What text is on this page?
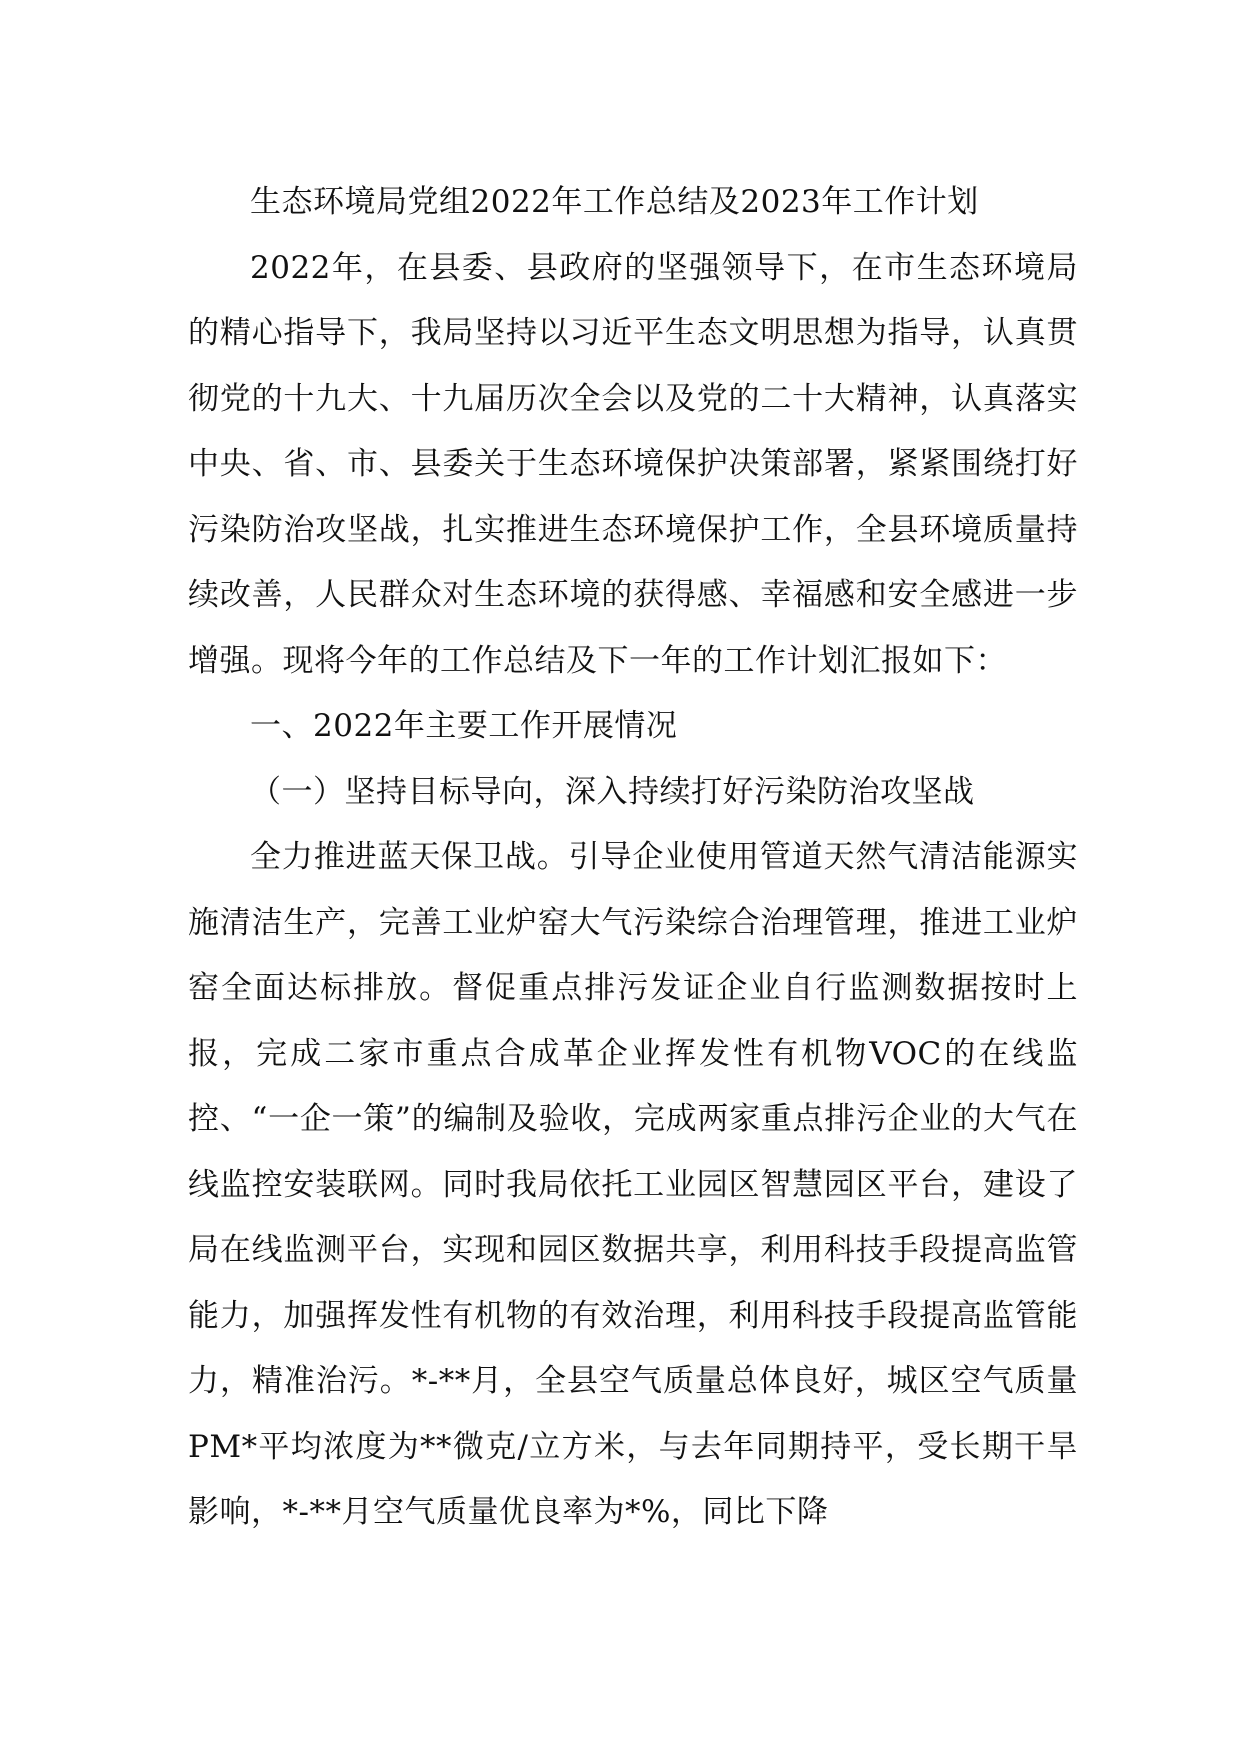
生态环境局党组2022年工作总结及2023年工作计划

2022年，在县委、县政府的坚强领导下，在市生态环境局的精心指导下，我局坚持以习近平生态文明思想为指导，认真贯彻党的十九大、十九届历次全会以及党的二十大精神，认真落实中央、省、市、县委关于生态环境保护决策部署，紧紧围绕打好污染防治攻坚战，扎实推进生态环境保护工作，全县环境质量持续改善，人民群众对生态环境的获得感、幸福感和安全感进一步增强。现将今年的工作总结及下一年的工作计划汇报如下：

一、2022年主要工作开展情况

（一）坚持目标导向，深入持续打好污染防治攻坚战

全力推进蓝天保卫战。引导企业使用管道天然气清洁能源实施清洁生产，完善工业炉窑大气污染综合治理管理，推进工业炉窑全面达标排放。督促重点排污发证企业自行监测数据按时上报，完成二家市重点合成革企业挥发性有机物VOC的在线监控、“一企一策”的编制及验收，完成两家重点排污企业的大气在线监控安装联网。同时我局依托工业园区智慧园区平台，建设了局在线监测平台，实现和园区数据共享，利用科技手段提高监管能力，加强挥发性有机物的有效治理，利用科技手段提高监管能力，精准治污。*-**月，全县空气质量总体良好，城区空气质量PM*平均浓度为**微克/立方米，与去年同期持平，受长期干旱影响，*-**月空气质量优良率为*%，同比下降
